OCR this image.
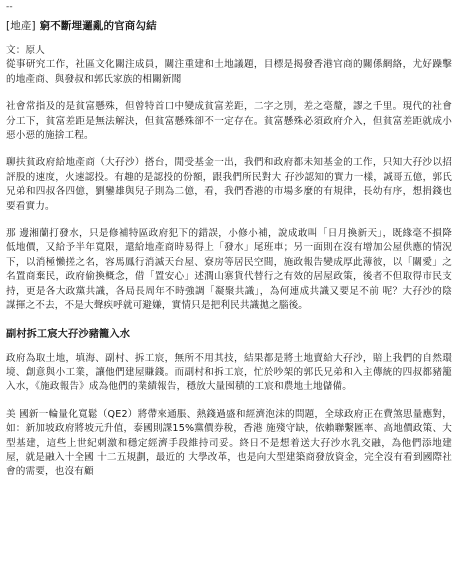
--
[地產] 窮不斷埋邏亂的官商勾結

文：原人

從事研究工作，社區文化關注成員，關注重建和土地議題，目標是揭發香港官商的關係網絡，尤好躁擊的地產商、與發叔和郭氏家族的相關新聞

社會常指及的是貧富懸殊，但曾特首口中變成貧富差距，二字之別，差之毫釐，謬之千里。現代的社會分工下，貧富差距是無法解決，但貧富懸殊卻不一定存在。貧富懸殊必須政府介入，但貧富差距就成小惡小惡的施捨工程。

聊扶貧政府給地產商（大孖沙）搭台，閒受基金一出，我們和政府都未知基金的工作，只知大孖沙以招評股的速度，火速認投。有趣的是認投的份額，跟我們所民對大 孖沙認知的實力一樣，誠哥五億，郭氏兄弟和四叔各四億，劉鑾雄與兒子則為二億，看，我們香港的市場多麼的有規律，長幼有序，想捐錢也要看實力。

那 邊湘蘭打發水，只是修補特區政府犯下的錯誤，小修小補，說成敢叫「日月換新天」，既緣毫不損降低地價，又給予半年寬限，還給地產商時易得上「發水」尾班車；另一面則在沒有增加公屋供應的情況下，以消極懶搓之名，容馬鳳行消滅天台屋、寮房等居民空間，施政報告變成厚此薄彼，以「關愛」之名置商棄民，政府偷換概念，借「置安心」述潤山寨貨代替行之有效的居屋政策，後者不但取得市民支持，更是各大政黨共識，各局長周年不時強調「凝聚共識」，為何連成共識又要足不前 呢？大孖沙的陰謀揮之不去，不是大聲疾呼就可避嫌，實情只是把利民共識拋之腦後。

副村拆工宸大孖沙豬籠入水

政府為取土地，填海、副村、拆工宸，無所不用其技，結果都是將土地賣給大孖沙，賠上我們的自然環境、創意與小工業，讓他們建屋賺錢。而副村和拆工宸，忙於吵架的郭氏兄弟和入主傳統的四叔都豬籠入水，《施政報告》成為他們的業績報告，穩放大量囤積的工宸和農地土地儲備。

美 國新一輪量化寬鬆（QE2）將帶來通脹、熱錢過盛和經濟泡沫的問題，全球政府正在費煞思量應對，如：新加坡政府將坡元升值，泰國則課15%黨價券稅，香港 施殘守缺，依賴聯繫匯率、高地價政策、大型基建，這些上世紀刺激和穩定經濟手段維持司妥。終日不是想着送大孖沙水乳交融，為他們添地建屋，就是融入十全國 十二五規劃，最近的 大學改革，也是向大型建築商發放資金，完全沒有看到國際社會的需要，也沒有顧
